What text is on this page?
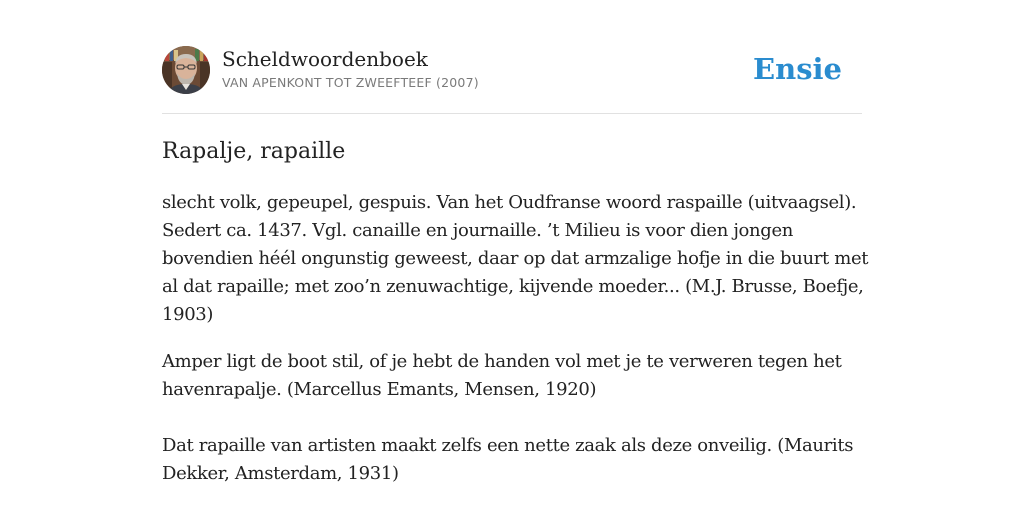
Scheldwoordenboek
VAN APENKONT TOT ZWEEFTEEF (2007)	Ensie
Rapalje, rapaille

slecht volk, gepeupel, gespuis. Van het Oudfranse woord raspaille (uitvaagsel).
Sedert ca. 1437. Vgl. canaille en journaille. ’t Milieu is voor dien jongen
bovendien héél ongunstig geweest, daar op dat armzalige hofje in die buurt met
al dat rapaille; met zoo’n zenuwachtige, kijvende moeder... (M.J. Brusse, Boefje,
1903)

Amper ligt de boot stil, of je hebt de handen vol met je te verweren tegen het
havenrapalje. (Marcellus Emants, Mensen, 1920)

Dat rapaille van artisten maakt zelfs een nette zaak als deze onveilig. (Maurits
Dekker, Amsterdam, 1931)
